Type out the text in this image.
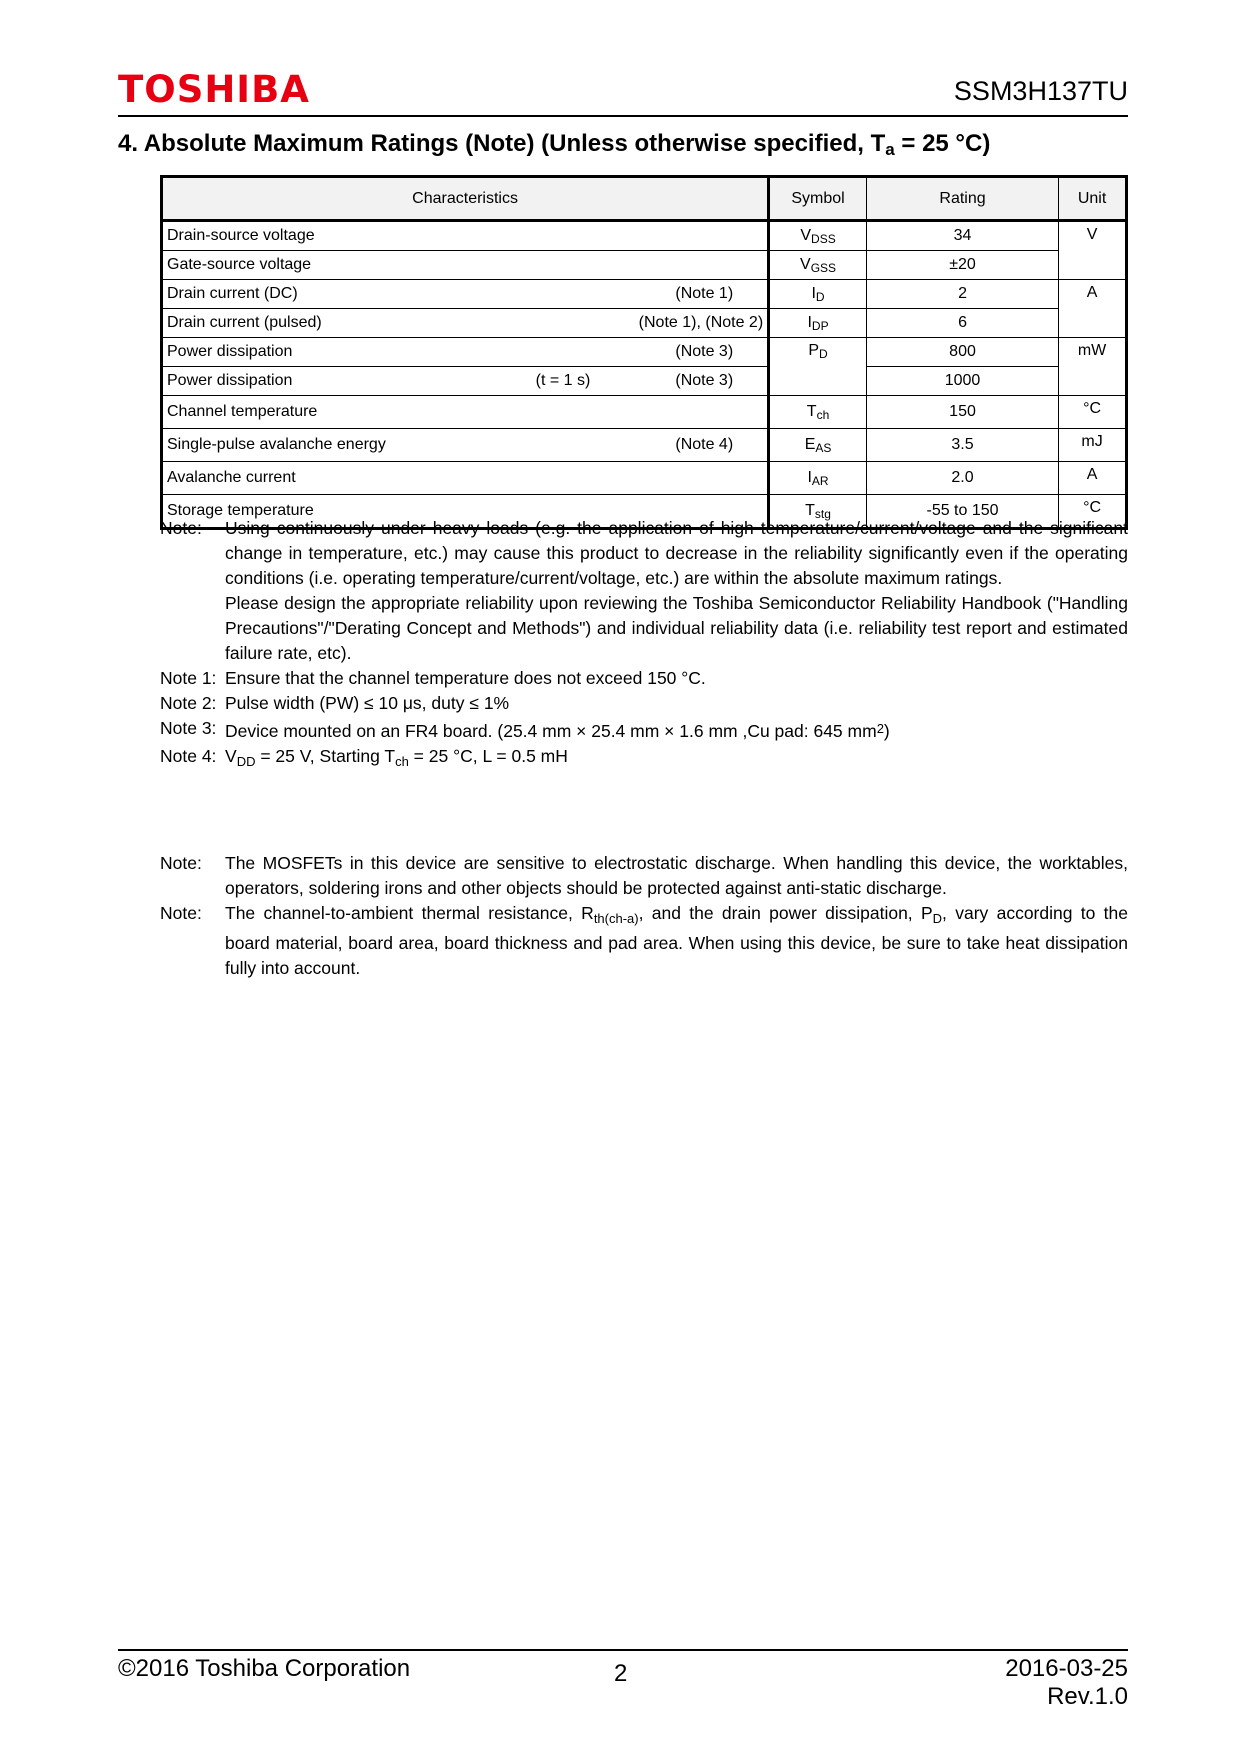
TOSHIBA	SSM3H137TU
4. Absolute Maximum Ratings (Note) (Unless otherwise specified, $T_a = 25$ °C)
Characteristics	Symbol	Rating	Unit

Drain-source voltage	$V_{DSS}$	34	V

Gate-source voltage	$V_{GSS}$	±20	

Drain current (DC) (Note 1)	$I_D$	2	A

Drain current (pulsed) (Note 1), (Note 2)	$I_{DP}$	6	

Power dissipation (Note 3)	$P_D$	800	mW

Power dissipation (t = 1 s) (Note 3)		1000	

Channel temperature	$T_{ch}$	150	°C

Single-pulse avalanche energy (Note 4)	$E_{AS}$	3.5	mJ

Avalanche current	$I_{AR}$	2.0	A

Storage temperature	$T_{stg}$	-55 to 150	°C
Note:	Using continuously under heavy loads (e.g. the application of high temperature/current/voltage and the significant change in temperature, etc.) may cause this product to decrease in the reliability significantly even if the operating conditions (i.e. operating temperature/current/voltage, etc.) are within the absolute maximum ratings.
Please design the appropriate reliability upon reviewing the Toshiba Semiconductor Reliability Handbook ("Handling Precautions"/"Derating Concept and Methods") and individual reliability data (i.e. reliability test report and estimated failure rate, etc).
Note 1: Ensure that the channel temperature does not exceed 150 °C.
Note 2: Pulse width (PW) ≤ 10 μs, duty ≤ 1%
Note 3: Device mounted on an FR4 board. (25.4 mm × 25.4 mm × 1.6 mm ,Cu pad: 645 $mm^2$)
Note 4: $V_{DD} = 25$ V, Starting $T_{ch} = 25$ °C, L = 0.5 mH
Note:	The MOSFETs in this device are sensitive to electrostatic discharge. When handling this device, the worktables, operators, soldering irons and other objects should be protected against anti-static discharge.
Note:	The channel-to-ambient thermal resistance, $R_{th(ch-a)}$, and the drain power dissipation, $P_D$, vary according to the board material, board area, board thickness and pad area. When using this device, be sure to take heat dissipation fully into account.
©2016 Toshiba Corporation	2	2016-03-25
Rev.1.0
